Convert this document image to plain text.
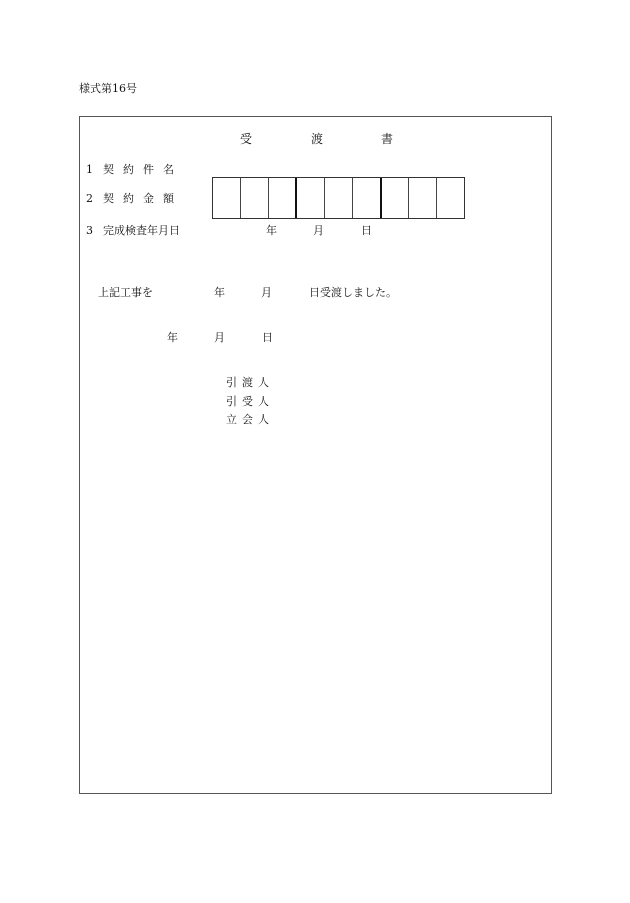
様式第16号
受	渡	書
1 契約件名
2 契約金額
3 完成検査年月日	年	月	日
上記工事を	年	月	日受渡しました。
年	月	日
引渡人
引受人
立会人
